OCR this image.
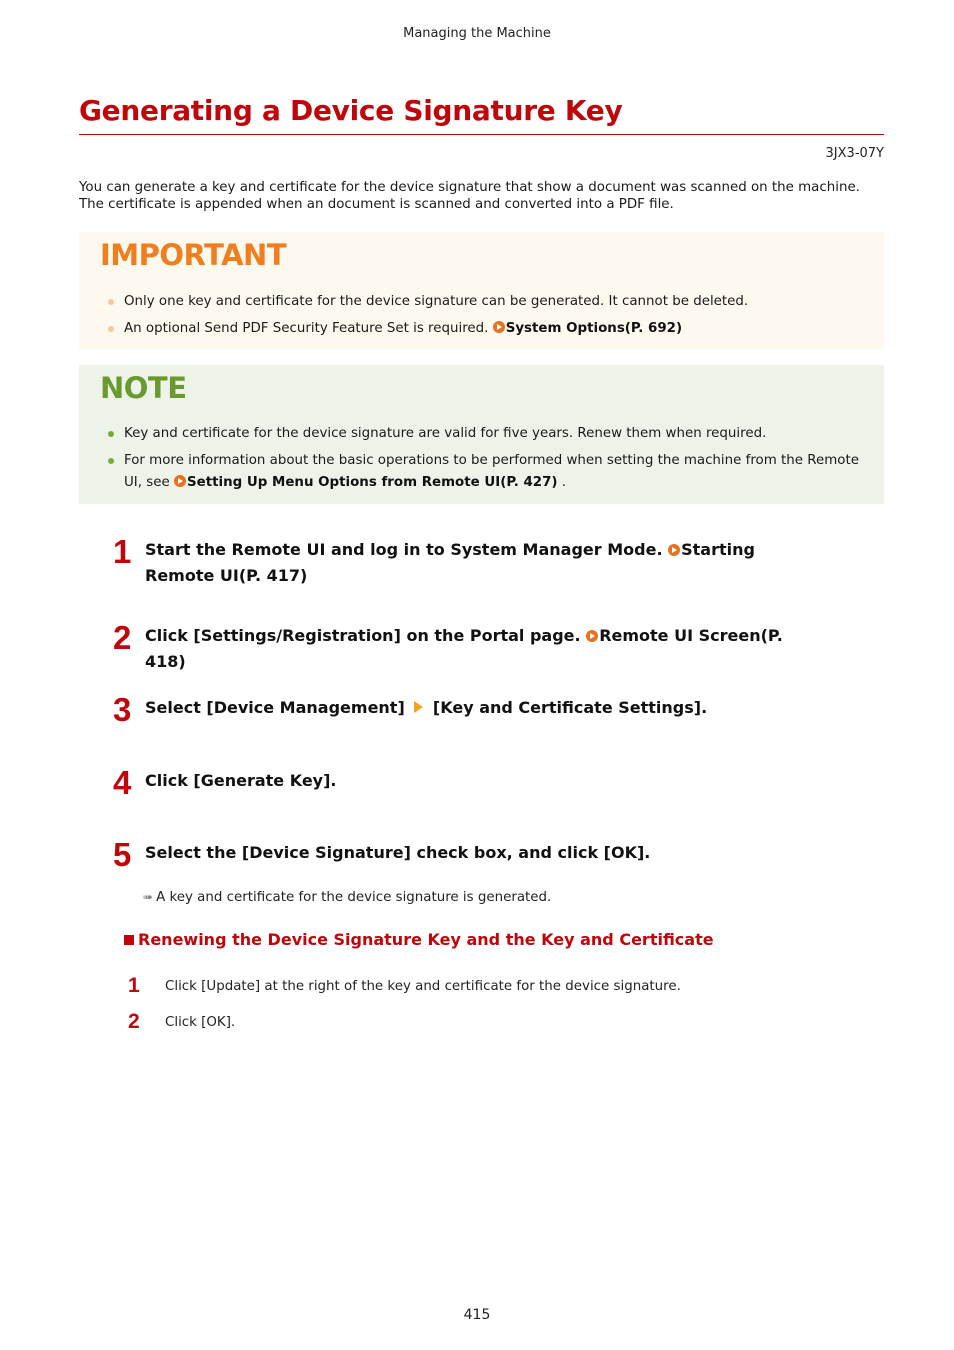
Managing the Machine
Generating a Device Signature Key
3JX3-07Y

You can generate a key and certificate for the device signature that show a document was scanned on the machine.

The certificate is appended when an document is scanned and converted into a PDF file.

IMPORTANT
Only one key and certificate for the device signature can be generated. It cannot be deleted.
An optional Send PDF Security Feature Set is required. System Options(P. 692)
NOTE
Key and certificate for the device signature are valid for five years. Renew them when required.
For more information about the basic operations to be performed when setting the machine from the Remote UI, see Setting Up Menu Options from Remote UI(P. 427) .
1 Start the Remote UI and log in to System Manager Mode. Starting Remote UI(P. 417)
2 Click [Settings/Registration] on the Portal page. Remote UI Screen(P. 418)
3 Select [Device Management]  [Key and Certificate Settings].
4 Click [Generate Key].
5 Select the [Device Signature] check box, and click [OK].
➠ A key and certificate for the device signature is generated.
Renewing the Device Signature Key and the Key and Certificate
1 Click [Update] at the right of the key and certificate for the device signature.
2 Click [OK].
415
